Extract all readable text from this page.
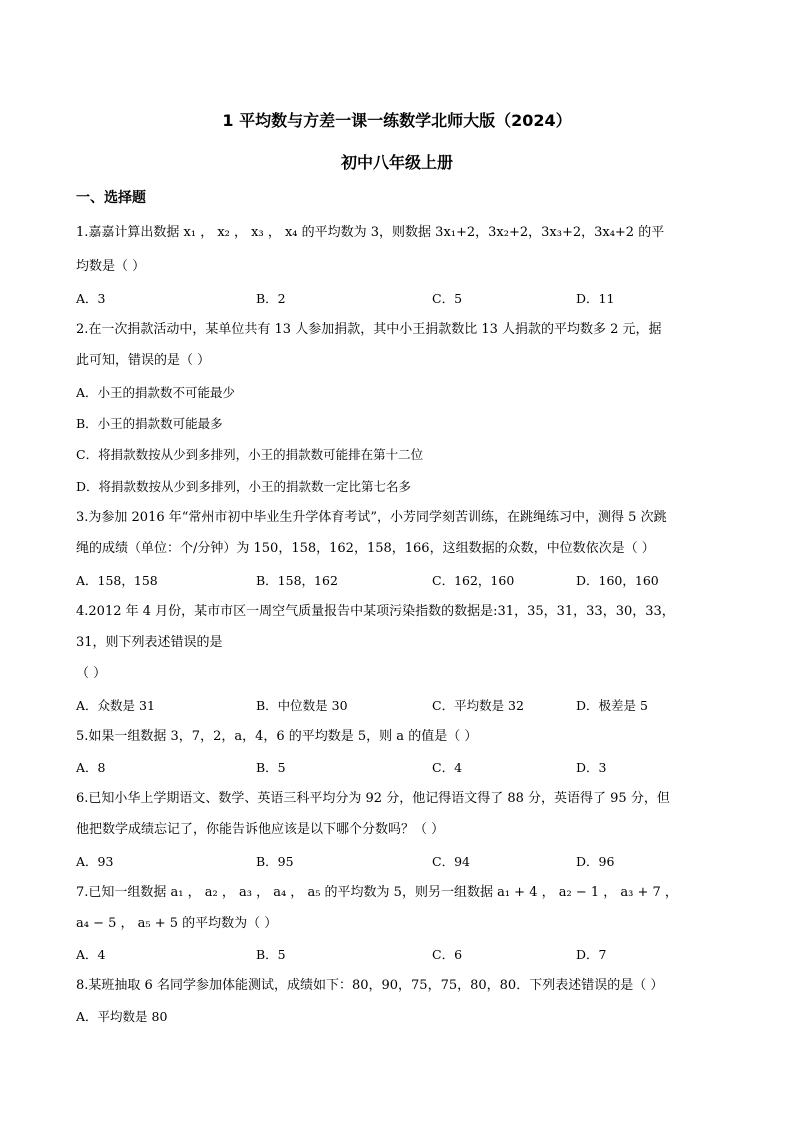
1 平均数与方差一课一练数学北师大版（2024）
初中八年级上册
一、选择题
1.嘉嘉计算出数据 x₁ ， x₂ ， x₃ ， x₄ 的平均数为 3，则数据 3x₁+2，3x₂+2，3x₃+2，3x₄+2 的平
均数是（ ）
A．3	B．2	C．5	D．11
2.在一次捐款活动中，某单位共有 13 人参加捐款，其中小王捐款数比 13 人捐款的平均数多 2 元，据
此可知，错误的是（ ）
A．小王的捐款数不可能最少
B．小王的捐款数可能最多
C．将捐款数按从少到多排列，小王的捐款数可能排在第十二位
D．将捐款数按从少到多排列，小王的捐款数一定比第七名多
3.为参加 2016 年“常州市初中毕业生升学体育考试”，小芳同学刻苦训练，在跳绳练习中，测得 5 次跳
绳的成绩（单位：个/分钟）为 150，158，162，158，166，这组数据的众数，中位数依次是（ ）
A．158，158	B．158，162	C．162，160	D．160，160
4.2012 年 4 月份，某市市区一周空气质量报告中某项污染指数的数据是:31，35，31，33，30，33，
31，则下列表述错误的是
（ ）
A．众数是 31	B．中位数是 30	C．平均数是 32	D．极差是 5
5.如果一组数据 3，7，2，a，4，6 的平均数是 5，则 a 的值是（ ）
A．8	B．5	C．4	D．3
6.已知小华上学期语文、数学、英语三科平均分为 92 分，他记得语文得了 88 分，英语得了 95 分，但
他把数学成绩忘记了，你能告诉他应该是以下哪个分数吗？（ ）
A．93	B．95	C．94	D．96
7.已知一组数据 a₁ ， a₂ ， a₃ ， a₄ ， a₅ 的平均数为 5，则另一组数据 a₁ + 4 ， a₂ − 1 ， a₃ + 7 ，
a₄ − 5 ， a₅ + 5 的平均数为（ ）
A．4	B．5	C．6	D．7
8.某班抽取 6 名同学参加体能测试，成绩如下：80，90，75，75，80，80．下列表述错误的是（ ）
A．平均数是 80
